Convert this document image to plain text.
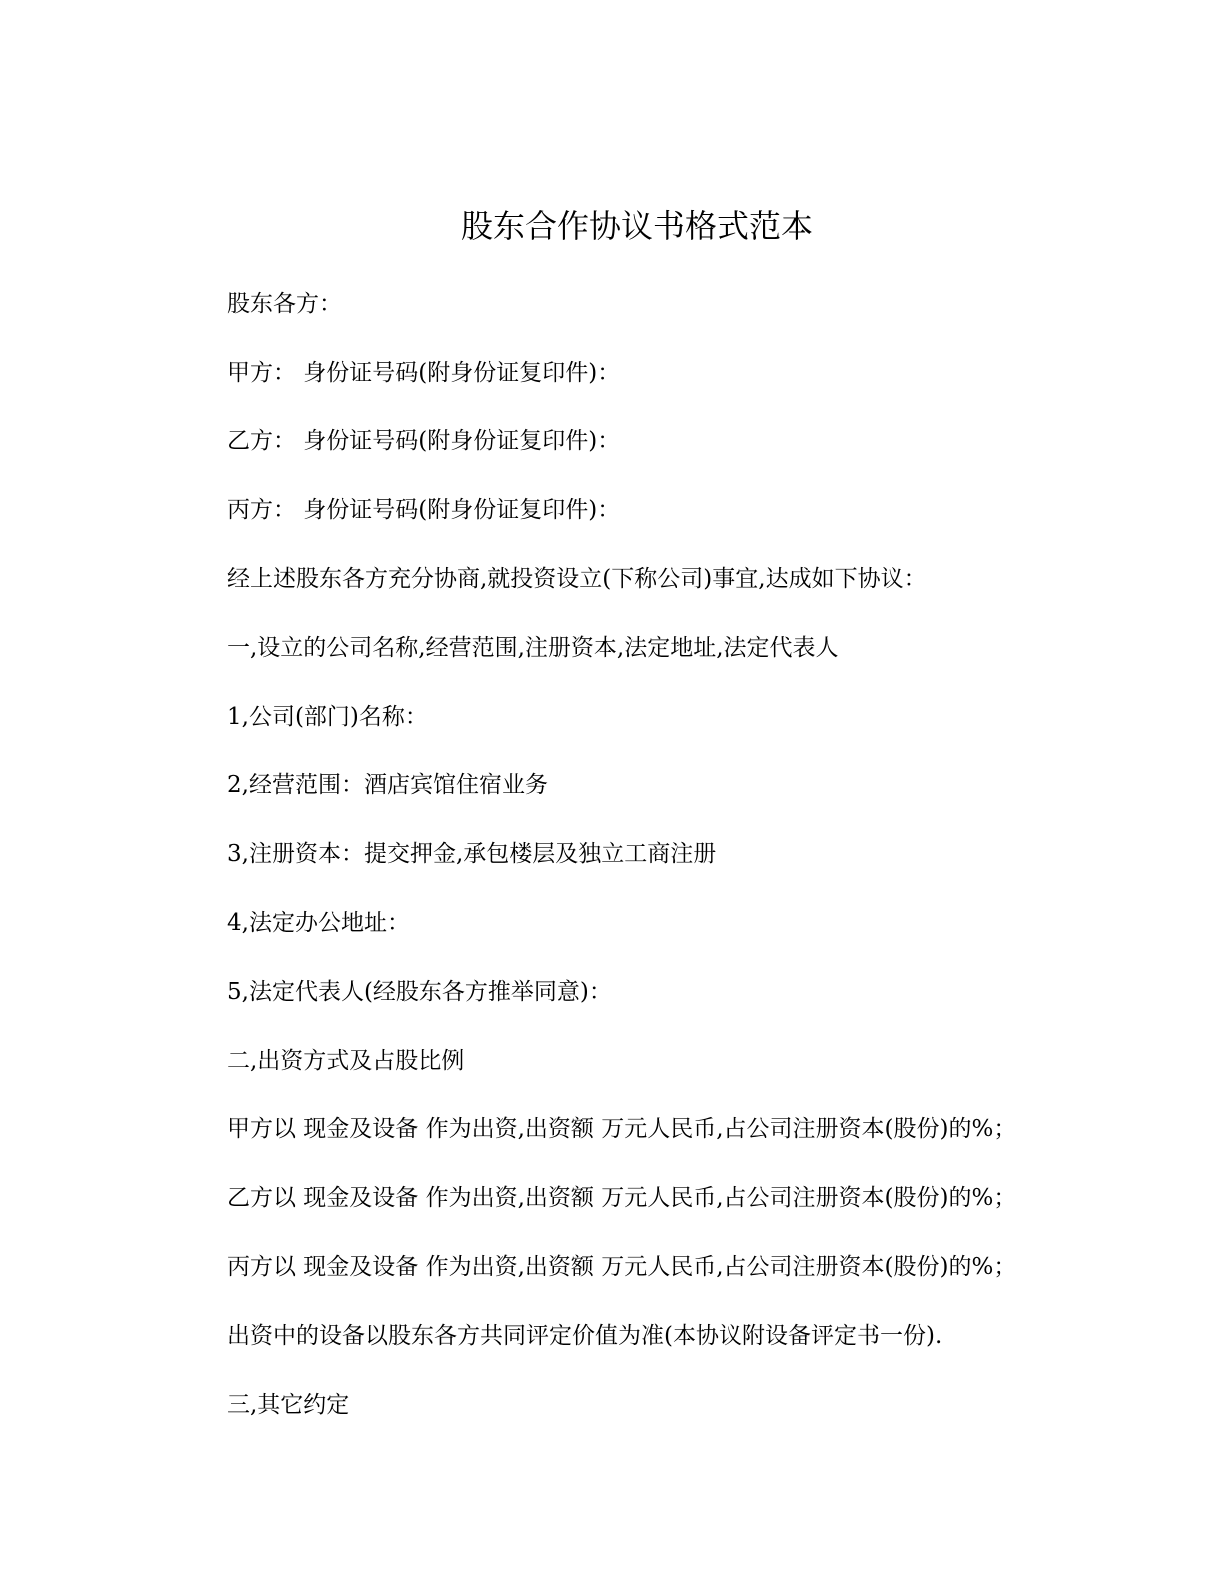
股东合作协议书格式范本
股东各方：
甲方： 身份证号码(附身份证复印件)：
乙方： 身份证号码(附身份证复印件)：
丙方： 身份证号码(附身份证复印件)：
经上述股东各方充分协商,就投资设立(下称公司)事宜,达成如下协议：
一,设立的公司名称,经营范围,注册资本,法定地址,法定代表人
1,公司(部门)名称：
2,经营范围：酒店宾馆住宿业务
3,注册资本：提交押金,承包楼层及独立工商注册
4,法定办公地址：
5,法定代表人(经股东各方推举同意)：
二,出资方式及占股比例
甲方以 现金及设备 作为出资,出资额 万元人民币,占公司注册资本(股份)的%；
乙方以 现金及设备 作为出资,出资额 万元人民币,占公司注册资本(股份)的%；
丙方以 现金及设备 作为出资,出资额 万元人民币,占公司注册资本(股份)的%；
出资中的设备以股东各方共同评定价值为准(本协议附设备评定书一份).
三,其它约定
